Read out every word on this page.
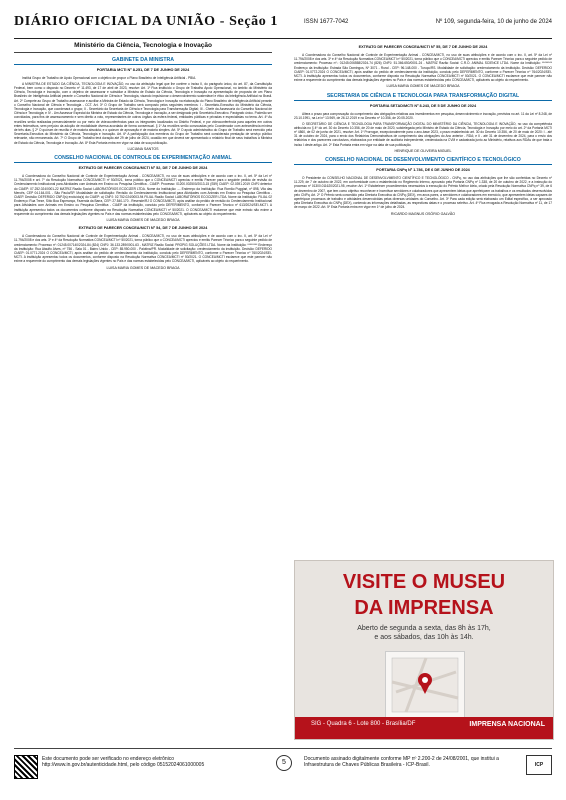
DIÁRIO OFICIAL DA UNIÃO - Seção 1	ISSN 1677-7042	Nº 109, segunda-feira, 10 de junho de 2024
Ministério da Ciência, Tecnologia e Inovação
GABINETE DA MINISTRA
PORTARIA MCTI Nº 8.251, DE 7 DE JUNHO DE 2024

Institui Grupo de Trabalho de Apoio Operacional com o objetivo de propor o Plano Brasileiro de Inteligência Artificial - PBIA.

A MINISTRA DE ESTADO DA CIÊNCIA, TECNOLOGIA E INOVAÇÃO, no uso da atribuição legal que lhe confere o inciso II, do parágrafo único, do art. 87, da Constituição Federal, bem como o disposto no Decreto nº 11.493, de 17 de abril de 2023, resolve: Art. 1º Fica instituído o Grupo de Trabalho Apoio Operacional, no âmbito do Ministério da Ciência, Tecnologia e Inovação, com o objetivo de assessorar e subsidiar a Ministra de Estado da Ciência, Tecnologia e Inovação na apresentação de proposta de um Plano Brasileiro de Inteligência Artificial perante o Conselho Nacional de Ciência e Tecnologia, visando impulsionar o desenvolvimento sustentável e ético da Inteligência Artificial no Brasil. Art. 2º Compete ao Grupo de Trabalho assessorar e auxiliar a Ministra de Estado da Ciência, Tecnologia e Inovação na elaboração do Plano Brasileiro de Inteligência Artificial perante o Conselho Nacional de Ciência e Tecnologia - CCT. Art. 3º O Grupo de Trabalho será composto pelos seguintes membros: I - Secretário-Executivo do Ministério da Ciência, Tecnologia e Inovação, que coordenará o grupo; II - Secretário da Secretaria de Ciência e Tecnologia para Transformação Digital; III - Chefe da Assessoria do Conselho Nacional de Ciência e Tecnologia; e IV - Um Assessor Especial da Ministra de Estado da Ciência, Tecnologia e Inovação, a ser designado pelo Secretário-Executivo. Parágrafo único. Poderão ser convidados, para fins de assessoramento e sem direito a voto, representantes de outros órgãos da esfera federal, entidades públicas e privadas e especialistas no tema. Art. 4º As reuniões serão realizadas presencialmente ou por meio de videoconferências para os integrantes localizados no Distrito Federal, e por videoconferência para aqueles em outros entes federativos, sem prejuízo da adoção de modalidade diversa acordada de forma consensual. § 1º As reuniões serão convocadas pelo Coordenador com antecedência mínima de três dias. § 2º O quórum de reunião é de maioria absoluta, e o quórum de aprovação é de maioria simples. Art. 5º O apoio administrativo do Grupo de Trabalho será exercido pela Secretaria-Executiva do Ministério da Ciência, Tecnologia e Inovação. Art. 6º A participação dos membros do Grupo de Trabalho será considerada prestação de serviço público relevante, não remunerada. Art. 7º O Grupo de Trabalho terá duração até 29 de julho de 2024, ocasião em que deverá ser apresentado o relatório final de seus trabalhos à Ministra de Estado da Ciência, Tecnologia e Inovação. Art. 8º Esta Portaria entra em vigor na data de sua publicação.

LUCIANA SANTOS
CONSELHO NACIONAL DE CONTROLE DE EXPERIMENTAÇÃO ANIMAL
EXTRATO DE PARECER CONCEA/MCTI Nº 52, DE 7 DE JUNHO DE 2024

A Coordenadora do Conselho Nacional de Controle de Experimentação Animal - CONCEA/MCTI, no uso de suas atribuições e de acordo com o inc. II, art. 5º da Lei nº 11.794/2008 e art. 7º da Resolução Normativa CONCEA/MCTI nº 50/2021, torna público que o CONCEA/MCTI apreciou e emitiu Parecer para o seguinte pedido de revisão do Credenciamento Institucional para Atividades com Animais em Ensino ou Pesquisa Científica - CIAEP: Processo: 01200.002500/2013-15 (S59) CIAEP: 02.0391.2019 CNPJ detentor do CIAEP: 07.252.024/0001-22 MATRIZ Razão Social: LABORATÓRIOS ECOCIZER LTDA. Nome da Instituição: --- Endereço da Instituição: Rua Romão Puggiari, nº 898, Vila das Mercês, CEP 04.164-001 - São Paulo/SP. Modalidade de solicitação: Revisão do Credenciamento Institucional para Atividades com Animais em Ensino ou Pesquisa Científica - CIAEP. Decisão: DEFERIDO CNPJ(s) excluído(s) do CIAEP: a) CNPJ: 02.752.024/0003-94 FILIAL Razão Social: LABORATÓRIOS ECOCIZER LTDA. Nome da Instituição: FILIAL 02 Endereço: Rua Treze, Sítio Boa Esperança, Fazenda da Barra, CEP: 27.540-170 - Resende/RJ O CONCEA/MCTI, após análise do pedido de revisão do Credenciamento Institucional para Atividades com Animais em Ensino ou Pesquisa Científica - CIAEP da instituição, concluiu pelo DEFERIMENTO, conforme o Parecer Técnico nº 613/2024/SEI-MCTI. A instituição apresentou todos os documentos conforme disposto na Resolução Normativa CONCEA/MCTI nº 50/2021. O CONCEA/MCTI esclarece que este extrato não exime a requerente do cumprimento das demais legislações vigentes no País e das normas estabelecidas pelo CONCEA/MCTI, aplicáveis ao objeto do requerimento.

LUISA MARIA GOMES DE MACEDO BRAGA
EXTRATO DE PARECER CONCEA/MCTI Nº 54, DE 7 DE JUNHO DE 2024

A Coordenadora do Conselho Nacional de Controle de Experimentação Animal - CONCEA/MCTI, no uso de suas atribuições e de acordo com o inc. II, art. 5º da Lei nº 11.794/2008 e dos arts. 3º e 4º da Resolução Normativa CONCEA/MCTI nº 50/2021, torna público que o CONCEA/MCTI apreciou e emitiu Parecer Técnico para o seguinte pedido de credenciamento: Processo nº: 01245.007140/2024-84 (824) CNPJ: 36.133.289/0001-63 - MATRIZ Razão Social: PROPIG SOLUÇÕES LTDA. Nome da Instituição: ******** Endereço da Instituição: Rua Ataulfo Alves, nº 756 - Sala 01 - Bairro Unido - CEP: 85.950-000 - Palotina/PR. Modalidade de solicitação: credenciamento da instituição. Decisão: DEFERIDO CIAEP: 01.0771.2024 O CONCEA/MCTI, após análise do pedido de credenciamento da instituição, concluiu pelo DEFERIMENTO, conforme o Parecer Técnico nº 760/2024/SEI-MCTI. A instituição apresentou todos os documentos, conforme disposto na Resolução Normativa CONCEA/MCTI nº 50/2021. O CONCEA/MCTI esclarece que este parecer não exime a requerente do cumprimento das demais legislações vigentes no País e das normas estabelecidas pelo CONCEA/MCTI, aplicáveis ao objeto do requerimento.

LUISA MARIA GOMES DE MACEDO BRAGA
EXTRATO DE PARECER CONCEA/MCTI Nº 55, DE 7 DE JUNHO DE 2024

A Coordenadora do Conselho Nacional de Controle de Experimentação Animal - CONCEA/MCTI, no uso de suas atribuições e de acordo com o inc. II, art. 5º da Lei nº 11.794/2008 e dos arts. 3º e 4º da Resolução Normativa CONCEA/MCTI nº 50/2021, torna público que o CONCEA/MCTI apreciou e emitiu Parecer Técnico para o seguinte pedido de credenciamento: Processo nº.: 01245.006558/2024-74 (826) CNPJ: 51.366.650/0001-24 - MATRIZ Razão Social: C.R.O. ANIMAL SCIENCE LTDA. Nome da Instituição: ******** Endereço da Instituição: Estrada São Domingos, Nº 3071 - Rural - CEP: 96.148-000 - Turuçu/RS. Modalidade de solicitação: credenciamento da instituição. Decisão: DEFERIDO CIAEP: 01.0772.2024 O CONCEA/MCTI, após análise do pedido de credenciamento da instituição, concluiu pelo DEFERIMENTO, conforme o Parecer Técnico nº 764/2024/SEI-MCTI. A instituição apresentou todos os documentos, conforme disposto na Resolução Normativa CONCEA/MCTI nº 50/2021. O CONCEA/MCTI esclarece que este parecer não exime a requerente do cumprimento das demais legislações vigentes no País e das normas estabelecidas pelo CONCEA/MCTI, aplicáveis ao objeto do requerimento.

LUISA MARIA GOMES DE MACEDO BRAGA
SECRETARIA DE CIÊNCIA E TECNOLOGIA PARA TRANSFORMAÇÃO DIGITAL
PORTARIA SETAD/MCTI Nº 8.243, DE 5 DE JUNHO DE 2024

Altera o prazo para comprovação do cumprimento das obrigações relativas aos investimentos em pesquisa, desenvolvimento e inovação, previstos no art. 11 da Lei nº 8.248, de 23.10.1991, na Lei nº 13.969, de 26.12.2019 e no Decreto nº 10.356, de 20.05.2020.

O SECRETÁRIO DE CIÊNCIA E TECNOLOGIA PARA TRANSFORMAÇÃO DIGITAL DO MINISTÉRIO DA CIÊNCIA, TECNOLOGIA E INOVAÇÃO, no uso da competência atribuída no § 4º do art. 30 do Decreto 10.356, de 20 de maio de 2020, subdelegada pelo Ministro de Estado da Ciência, Tecnologia e Inovação por meio do art. 2º da Portaria MCTI nº 4860, de 02 de junho de 2021, resolve: Art. 1º Prorrogar, excepcionalmente para o ano-base 2023, o prazo estabelecido art. 30 do Decreto 10.356, de 20 de maio de 2020: I - até 31 de outubro de 2024, para o envio dos Relatórios Demonstrativos de cumprimento das obrigações do Ano anterior - RDA; e II - até 31 de dezembro de 2024, para o envio dos relatórios e dos pareceres conclusivos, elaborados por entidade de auditoria independente, credenciada na CVM e cadastrada junto ao Ministério, relativos aos RDAs de que trata o inciso I deste artigo. Art. 2º Esta Portaria entra em vigor na data de sua publicação.

HENRIQUE DE OLIVEIRA MIGUEL
CONSELHO NACIONAL DE DESENVOLVIMENTO CIENTÍFICO E TECNOLÓGICO
PORTARIA CNPq Nº 1.786, DE 6 DE JUNHO DE 2024

O Presidente do CONSELHO NACIONAL DE DESENVOLVIMENTO CIENTÍFICO E TECNOLÓGICO - CNPq, no uso das atribuições que lhe são conferidas no Decreto nº 11.229, de 7 de outubro de 2022, em conformidade com o estabelecido no Regimento Interno, aprovado pela Portaria CNPq nº 1.338, de 20 de outubro de 2022, e a instrução do processo nº 01300.011620/2021-95, resolve: Art. 1º Estabelecer procedimentos necessários à execução do Prêmio Melhor Ideia, criado pela Resolução Normativa CNPq nº 39, de 6 de dezembro de 2007, que tem como objetivo reconhecer e incentivar servidores e colaboradores que apresentem ideias que aperfeiçoem os trabalhos e os resultados desenvolvidos pelo CNPq. Art. 2º O Prêmio será concedido pela Diretoria Executiva do CNPq (DEX), em anos pares, a servidores e colaboradores em exercício, que apresentem ideias capazes de aperfeiçoar processos de trabalho e atividades desenvolvidas pelas diversas unidades do Conselho. Art. 3º Para cada edição será elaborado um Edital específico, a ser aprovado pela Diretoria Executiva do CNPq (DEX), contendo as informações detalhadas, as respectivas datas e o processo seletivo. Art. 4º Fica revogada a Resolução Normativa nº 11, de 17 de março de 2022. Art. 5º Esta Portaria entra em vigor em 1º de julho de 2024.

RICARDO MAGNUS OSÓRIO GALVÃO
VISITE O MUSEU
DA IMPRENSA
Aberto de segunda a sexta, das 8h às 17h,
e aos sábados, das 10h às 14h.
SIG - Quadra 6 - Lote 800 - Brasília/DF	IMPRENSA NACIONAL
Este documento pode ser verificado no endereço eletrônico http://www.in.gov.br/autenticidade.html, pelo código 05152024061000005	5	Documento assinado digitalmente conforme MP nº 2.200-2 de 24/08/2001, que institui a Infraestrutura de Chaves Públicas Brasileira - ICP-Brasil.	ICP
